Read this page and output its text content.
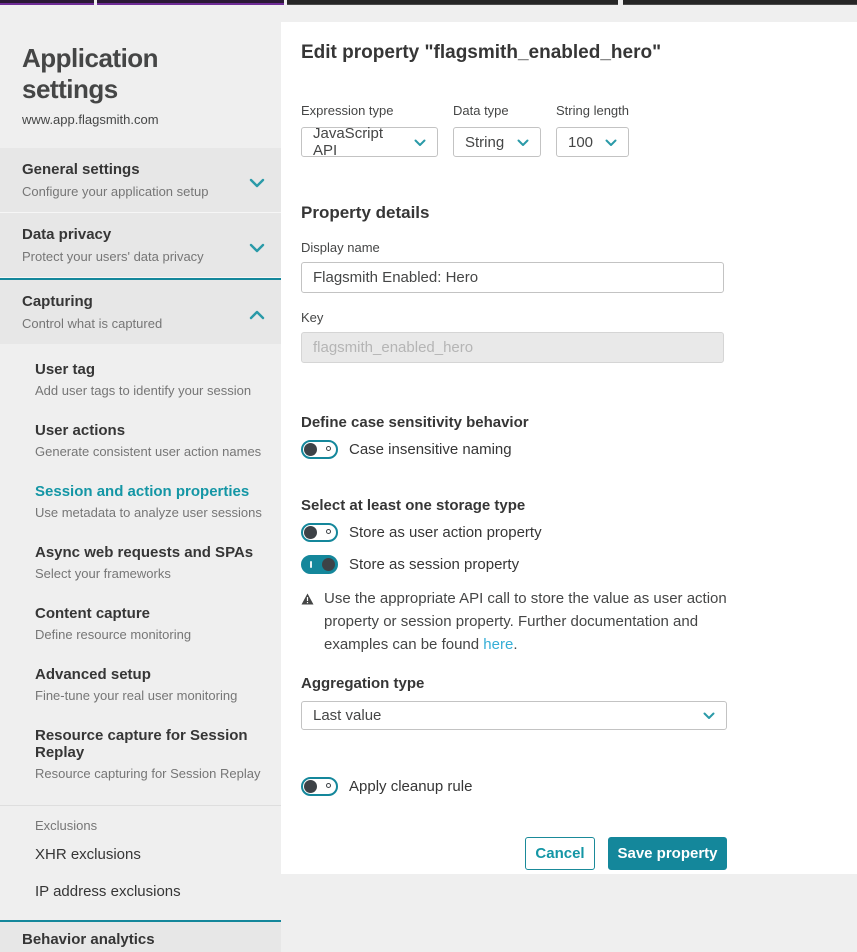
Application settings
www.app.flagsmith.com
General settings
Configure your application setup
Data privacy
Protect your users' data privacy
Capturing
Control what is captured
User tag
Add user tags to identify your session
User actions
Generate consistent user action names
Session and action properties
Use metadata to analyze user sessions
Async web requests and SPAs
Select your frameworks
Content capture
Define resource monitoring
Advanced setup
Fine-tune your real user monitoring
Resource capture for Session Replay
Resource capturing for Session Replay
Exclusions
XHR exclusions
IP address exclusions
Behavior analytics
Edit property "flagsmith_enabled_hero"
Expression type
JavaScript API
Data type
String
String length
100
Property details
Display name
Flagsmith Enabled: Hero
Key
flagsmith_enabled_hero
Define case sensitivity behavior
Case insensitive naming
Select at least one storage type
Store as user action property
Store as session property
Use the appropriate API call to store the value as user action property or session property. Further documentation and examples can be found here.
Aggregation type
Last value
Apply cleanup rule
Cancel	Save property
